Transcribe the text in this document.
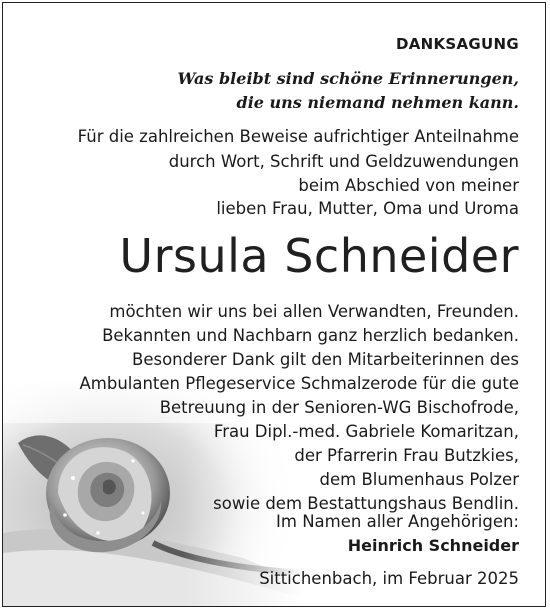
DANKSAGUNG
Was bleibt sind schöne Erinnerungen,
die uns niemand nehmen kann.
Für die zahlreichen Beweise aufrichtiger Anteilnahme
durch Wort, Schrift und Geldzuwendungen
beim Abschied von meiner
lieben Frau, Mutter, Oma und Uroma
Ursula Schneider
möchten wir uns bei allen Verwandten, Freunden.
Bekannten und Nachbarn ganz herzlich bedanken.
Besonderer Dank gilt den Mitarbeiterinnen des
Ambulanten Pflegeservice Schmalzerode für die gute
Betreuung in der Senioren-WG Bischofrode,
Frau Dipl.-med. Gabriele Komaritzan,
der Pfarrerin Frau Butzkies,
dem Blumenhaus Polzer
sowie dem Bestattungshaus Bendlin.
Im Namen aller Angehörigen:
Heinrich Schneider
Sittichenbach, im Februar 2025
